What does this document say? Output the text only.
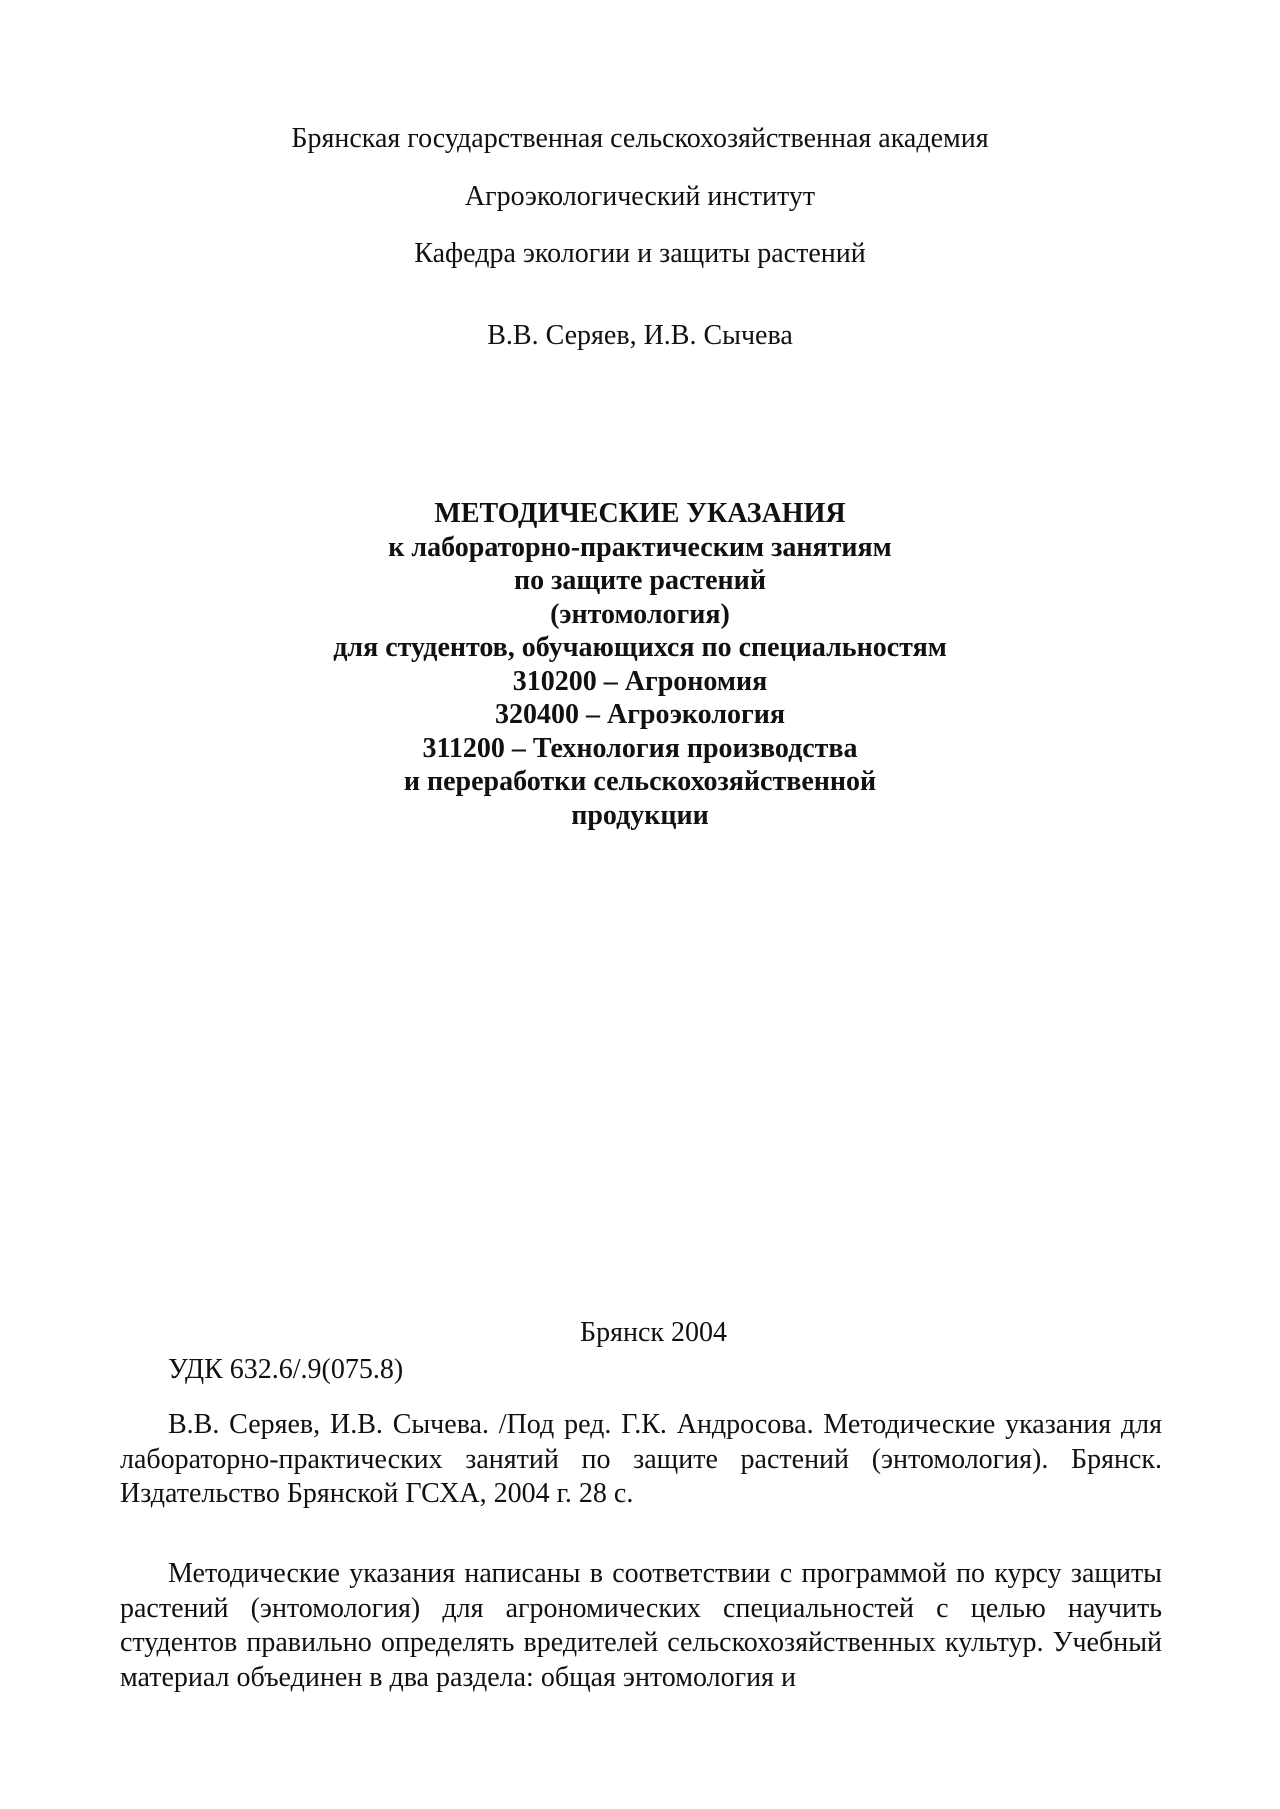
Брянская государственная сельскохозяйственная академия
Агроэкологический институт
Кафедра экологии и защиты растений
В.В. Серяев, И.В. Сычева
МЕТОДИЧЕСКИЕ УКАЗАНИЯ
к лабораторно-практическим занятиям
по защите растений
(энтомология)
для студентов, обучающихся по специальностям
310200 – Агрономия
320400 – Агроэкология
311200 – Технология производства
и переработки сельскохозяйственной
продукции
Брянск 2004
УДК 632.6/.9(075.8)
В.В. Серяев, И.В. Сычева. /Под ред. Г.К. Андросова. Методические указания для лабораторно-практических занятий по защите растений (энтомология). Брянск. Издательство Брянской ГСХА, 2004 г. 28 с.
Методические указания написаны в соответствии с программой по курсу защиты растений (энтомология) для агрономических специальностей с целью научить студентов правильно определять вредителей сельскохозяйственных культур. Учебный материал объединен в два раздела: общая энтомология и
